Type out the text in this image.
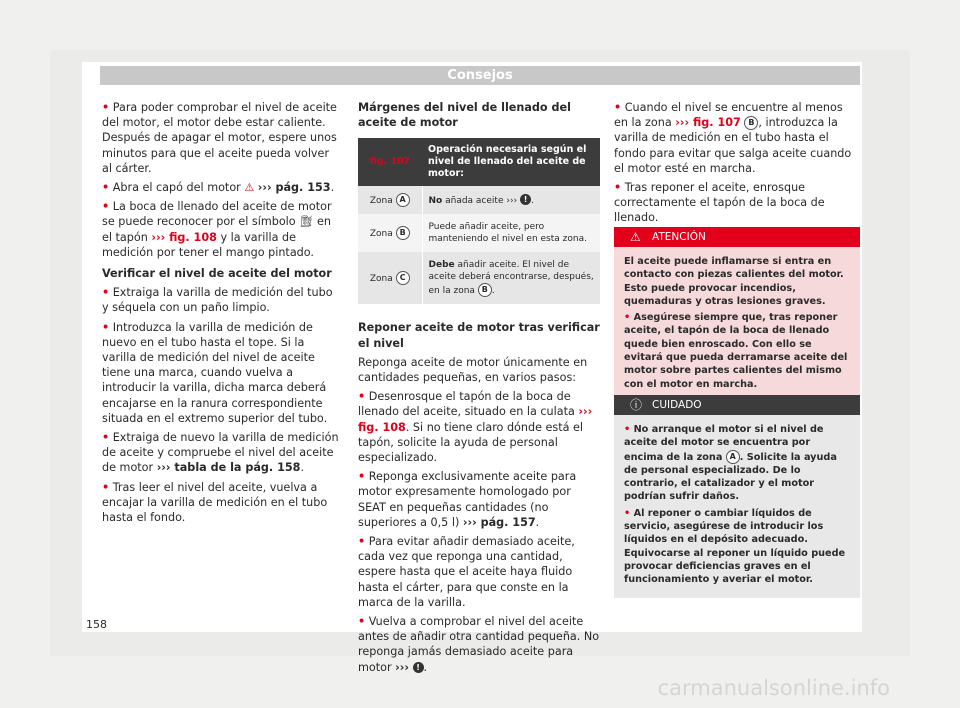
Consejos

• Para poder comprobar el nivel de aceite del motor, el motor debe estar caliente. Después de apagar el motor, espere unos minutos para que el aceite pueda volver al cárter.

• Abra el capó del motor ⚠ ››› pág. 153.

• La boca de llenado del aceite de motor se puede reconocer por el símbolo ⛽︎ en el tapón ››› fig. 108 y la varilla de medición por tener el mango pintado.

Verificar el nivel de aceite del motor

• Extraiga la varilla de medición del tubo y séquela con un paño limpio.

• Introduzca la varilla de medición de nuevo en el tubo hasta el tope. Si la varilla de medición del nivel de aceite tiene una marca, cuando vuelva a introducir la varilla, dicha marca deberá encajarse en la ranura correspondiente situada en el extremo superior del tubo.

• Extraiga de nuevo la varilla de medición de aceite y compruebe el nivel del aceite de motor ››› tabla de la pág. 158.

• Tras leer el nivel del aceite, vuelva a encajar la varilla de medición en el tubo hasta el fondo.

Márgenes del nivel de llenado del aceite de motor

fig. 107	Operación necesaria según el nivel de llenado del aceite de motor:
Zona A	No añada aceite ››› ! .
Zona B	Puede añadir aceite, pero manteniendo el nivel en esta zona.
Zona C	Debe añadir aceite. El nivel de aceite deberá encontrarse, después, en la zona B .

Reponer aceite de motor tras verificar el nivel

Reponga aceite de motor únicamente en cantidades pequeñas, en varios pasos:

• Desenrosque el tapón de la boca de llenado del aceite, situado en la culata ››› fig. 108. Si no tiene claro dónde está el tapón, solicite la ayuda de personal especializado.

• Reponga exclusivamente aceite para motor expresamente homologado por SEAT en pequeñas cantidades (no superiores a 0,5 l) ››› pág. 157.

• Para evitar añadir demasiado aceite, cada vez que reponga una cantidad, espere hasta que el aceite haya fluido hasta el cárter, para que conste en la marca de la varilla.

• Vuelva a comprobar el nivel del aceite antes de añadir otra cantidad pequeña. No reponga jamás demasiado aceite para motor ››› ! .

• Cuando el nivel se encuentre al menos en la zona ››› fig. 107 B , introduzca la varilla de medición en el tubo hasta el fondo para evitar que salga aceite cuando el motor esté en marcha.

• Tras reponer el aceite, enrosque correctamente el tapón de la boca de llenado.

⚠ ATENCIÓN

El aceite puede inflamarse si entra en contacto con piezas calientes del motor. Esto puede provocar incendios, quemaduras y otras lesiones graves.

• Asegúrese siempre que, tras reponer aceite, el tapón de la boca de llenado quede bien enroscado. Con ello se evitará que pueda derramarse aceite del motor sobre partes calientes del mismo con el motor en marcha.

ⓘ CUIDADO

• No arranque el motor si el nivel de aceite del motor se encuentra por encima de la zona A . Solicite la ayuda de personal especializado. De lo contrario, el catalizador y el motor podrían sufrir daños.

• Al reponer o cambiar líquidos de servicio, asegúrese de introducir los líquidos en el depósito adecuado. Equivocarse al reponer un líquido puede provocar deficiencias graves en el funcionamiento y averiar el motor.

158
carmanualsonline.info
